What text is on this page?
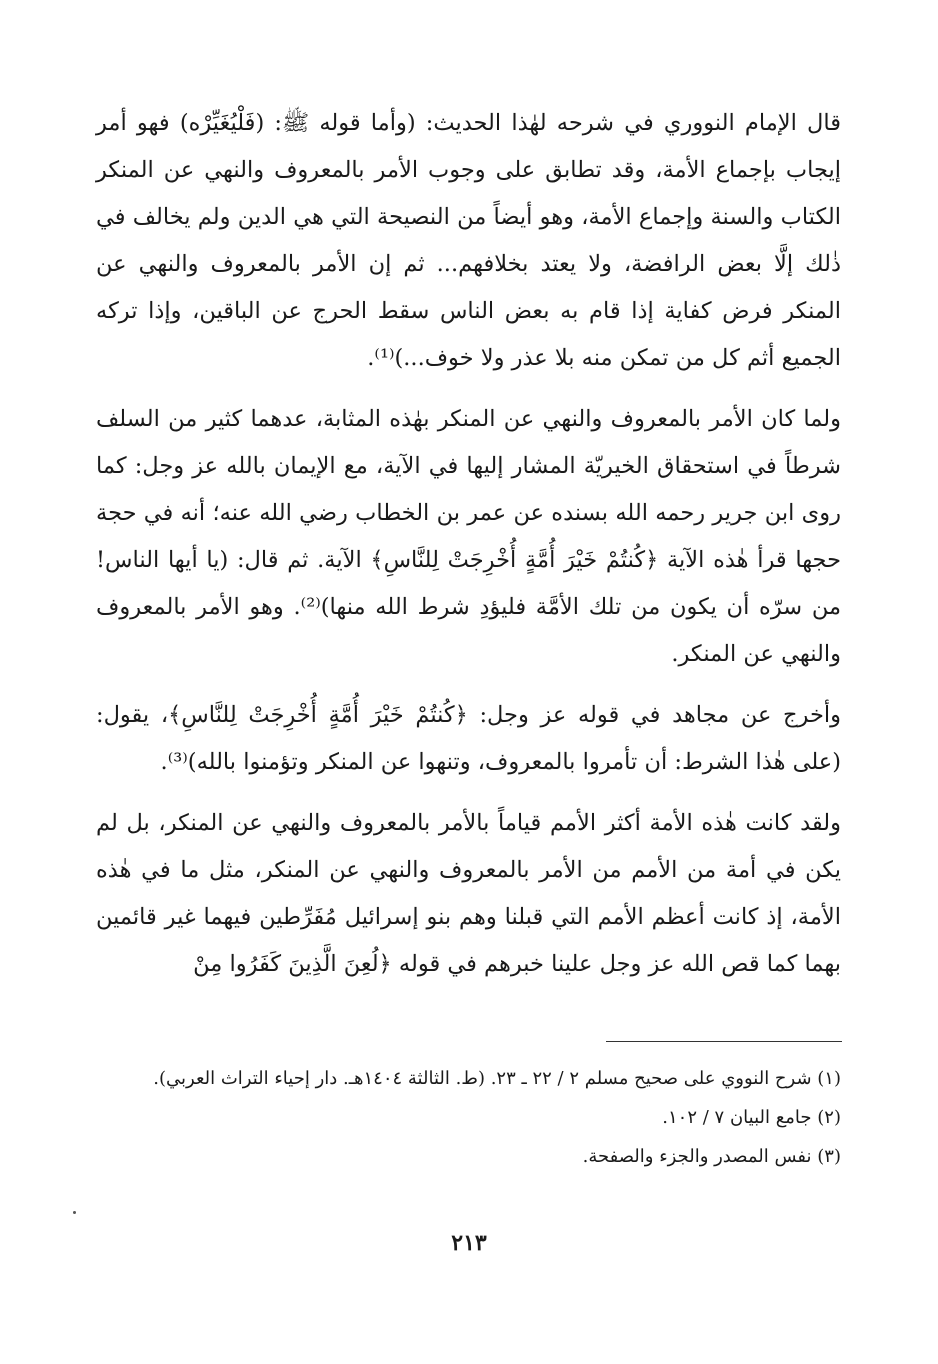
قال الإمام النووري في شرحه لهٰذا الحديث: (وأما قوله ﷺ: (فَلْيُغَيِّرْه) فهو أمر إيجاب بإجماع الأمة، وقد تطابق على وجوب الأمر بالمعروف والنهي عن المنكر الكتاب والسنة وإجماع الأمة، وهو أيضاً من النصيحة التي هي الدين ولم يخالف في ذٰلك إلَّا بعض الرافضة، ولا يعتد بخلافهم... ثم إن الأمر بالمعروف والنهي عن المنكر فرض كفاية إذا قام به بعض الناس سقط الحرج عن الباقين، وإذا تركه الجميع أثم كل من تمكن منه بلا عذر ولا خوف...)⁽¹⁾.

ولما كان الأمر بالمعروف والنهي عن المنكر بهٰذه المثابة، عدهما كثير من السلف شرطاً في استحقاق الخيريّة المشار إليها في الآية، مع الإيمان بالله عز وجل: كما روى ابن جرير رحمه الله بسنده عن عمر بن الخطاب رضي الله عنه؛ أنه في حجة حجها قرأ هٰذه الآية ﴿كُنتُمْ خَيْرَ أُمَّةٍ أُخْرِجَتْ لِلنَّاسِ﴾ الآية. ثم قال: (يا أيها الناس! من سرّه أن يكون من تلك الأمَّة فليؤدِ شرط الله منها)⁽²⁾. وهو الأمر بالمعروف والنهي عن المنكر.

وأخرج عن مجاهد في قوله عز وجل: ﴿كُنتُمْ خَيْرَ أُمَّةٍ أُخْرِجَتْ لِلنَّاسِ﴾، يقول: (على هٰذا الشرط: أن تأمروا بالمعروف، وتنهوا عن المنكر وتؤمنوا بالله)⁽³⁾.

ولقد كانت هٰذه الأمة أكثر الأمم قياماً بالأمر بالمعروف والنهي عن المنكر، بل لم يكن في أمة من الأمم من الأمر بالمعروف والنهي عن المنكر، مثل ما في هٰذه الأمة، إذ كانت أعظم الأمم التي قبلنا وهم بنو إسرائيل مُفَرِّطين فيهما غير قائمين بهما كما قص الله عز وجل علينا خبرهم في قوله ﴿لُعِنَ الَّذِينَ كَفَرُوا مِنْ

(١) شرح النووي على صحيح مسلم ٢ / ٢٢ ـ ٢٣. (ط. الثالثة ١٤٠٤هـ. دار إحياء التراث العربي).

(٢) جامع البيان ٧ / ١٠٢.

(٣) نفس المصدر والجزء والصفحة.

٢١٣
